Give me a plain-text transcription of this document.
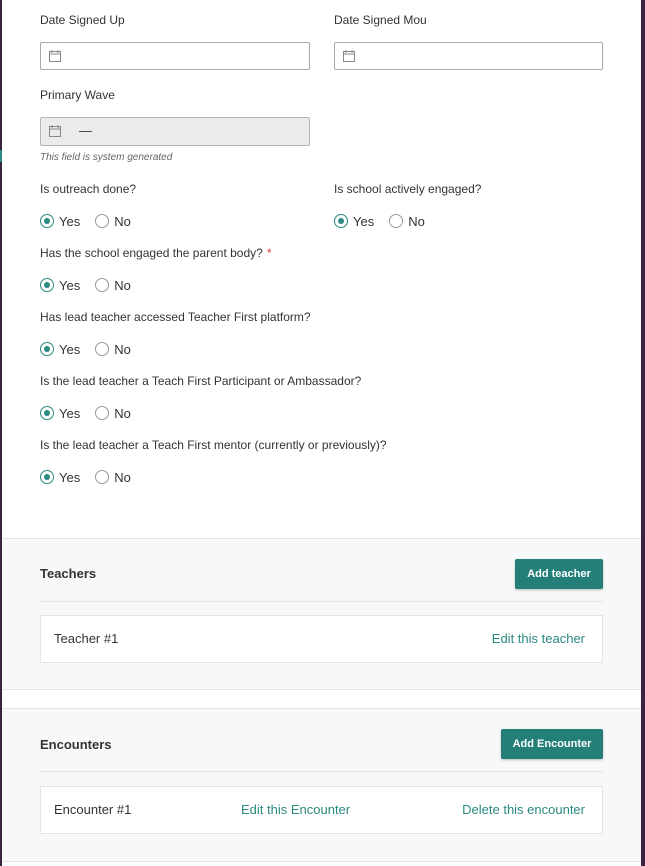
Date Signed Up	Date Signed Mou
Primary Wave
—
This field is system generated
Is outreach done?
Yes	No
Is school actively engaged?
Yes	No
Has the school engaged the parent body? *
Yes	No
Has lead teacher accessed Teacher First platform?
Yes	No
Is the lead teacher a Teach First Participant or Ambassador?
Yes	No
Is the lead teacher a Teach First mentor (currently or previously)?
Yes	No
Teachers	Add teacher
Teacher #1	Edit this teacher
Encounters	Add Encounter
Encounter #1	Edit this Encounter	Delete this encounter
